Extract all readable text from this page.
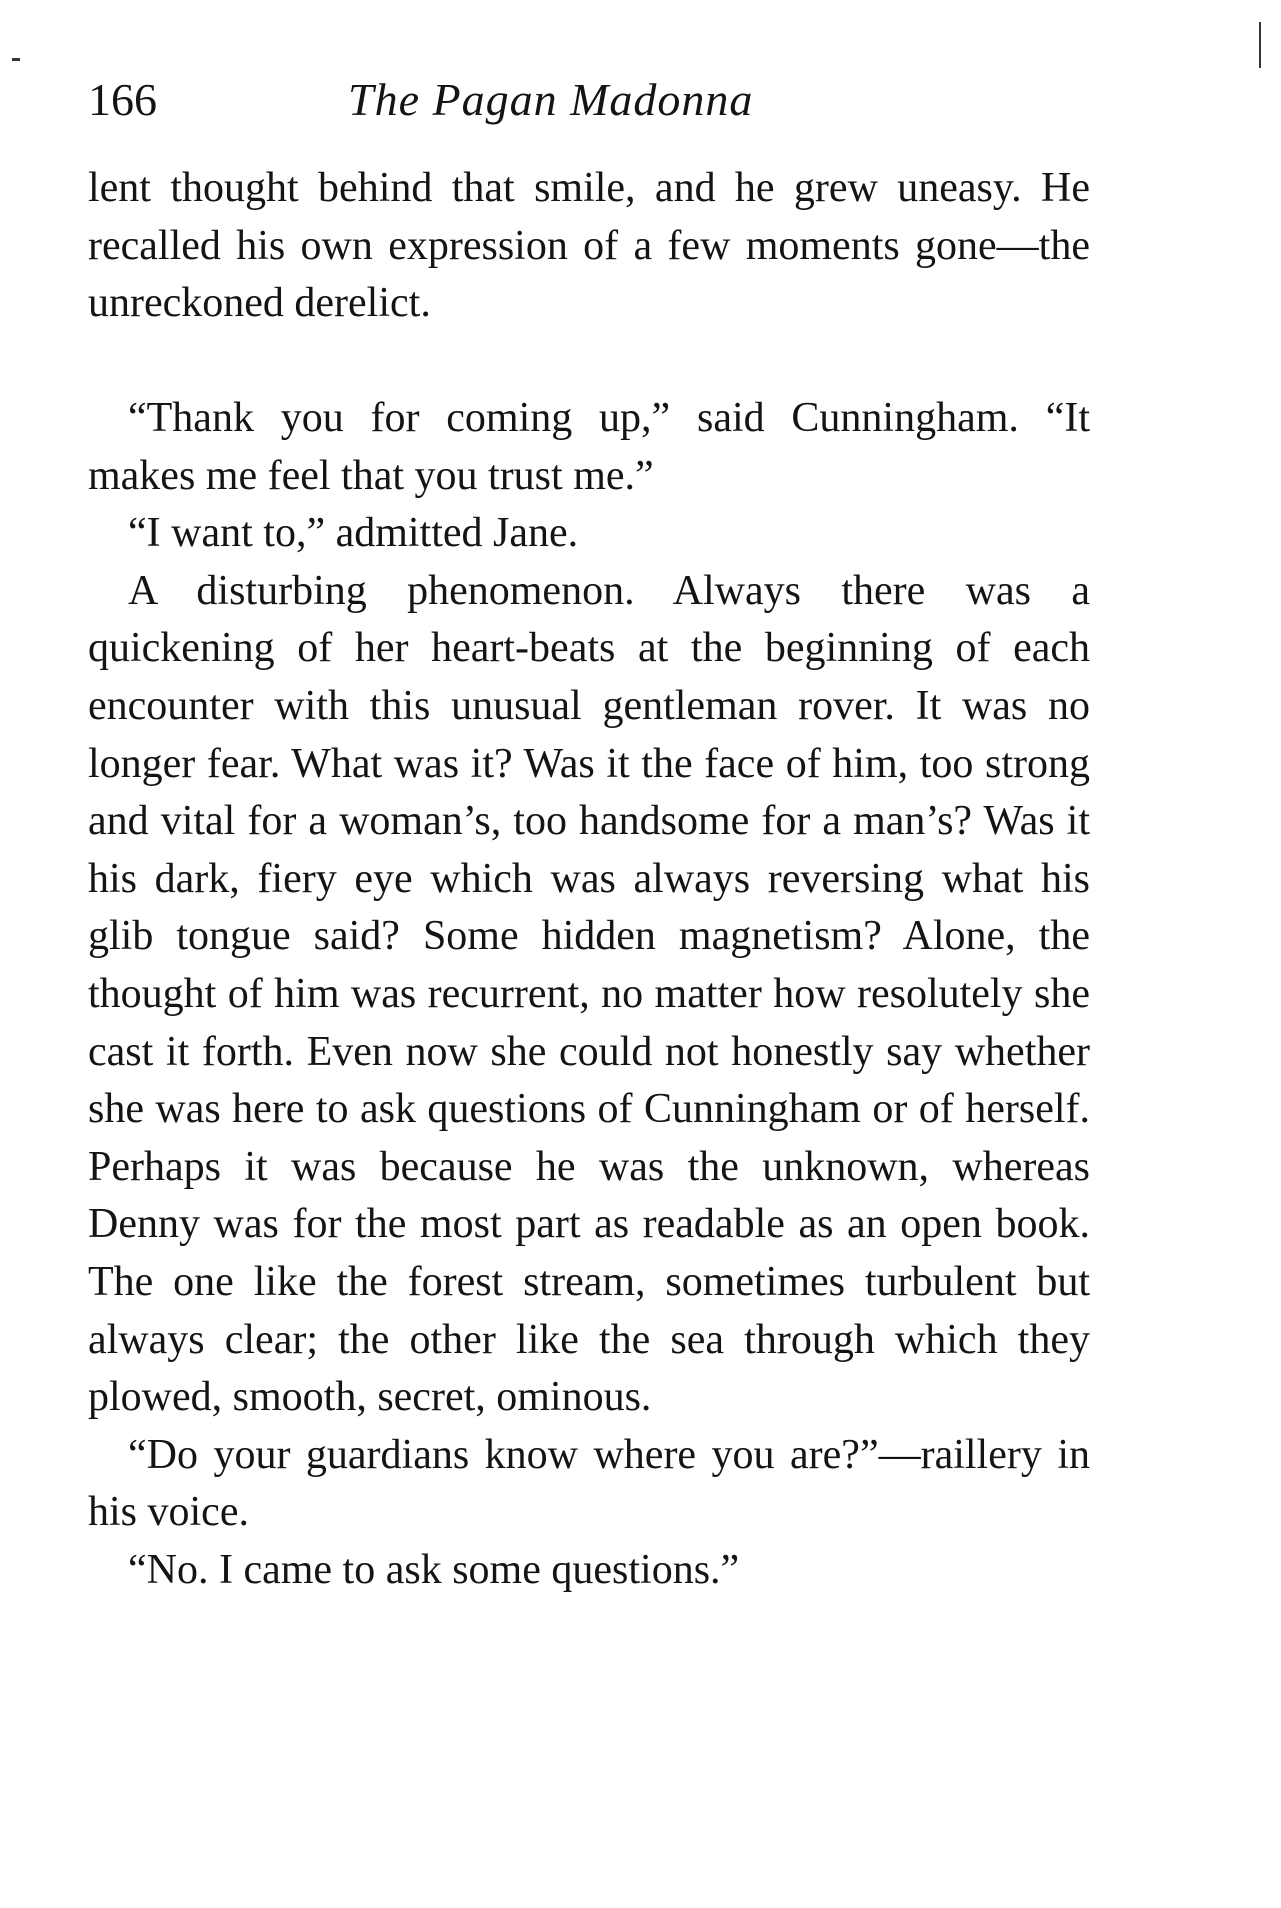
166	The Pagan Madonna

lent thought behind that smile, and he grew uneasy. He recalled his own expression of a few moments gone—the unreckoned derelict.

“Thank you for coming up,” said Cunningham. “It makes me feel that you trust me.”

“I want to,” admitted Jane.

A disturbing phenomenon. Always there was a quickening of her heart-beats at the beginning of each encounter with this unusual gentleman rover. It was no longer fear. What was it? Was it the face of him, too strong and vital for a woman’s, too handsome for a man’s? Was it his dark, fiery eye which was always reversing what his glib tongue said? Some hidden magnetism? Alone, the thought of him was recurrent, no matter how resolutely she cast it forth. Even now she could not honestly say whether she was here to ask questions of Cunningham or of herself. Perhaps it was because he was the unknown, whereas Denny was for the most part as readable as an open book. The one like the forest stream, sometimes turbulent but always clear; the other like the sea through which they plowed, smooth, secret, ominous.

“Do your guardians know where you are?”—raillery in his voice.

“No. I came to ask some questions.”
